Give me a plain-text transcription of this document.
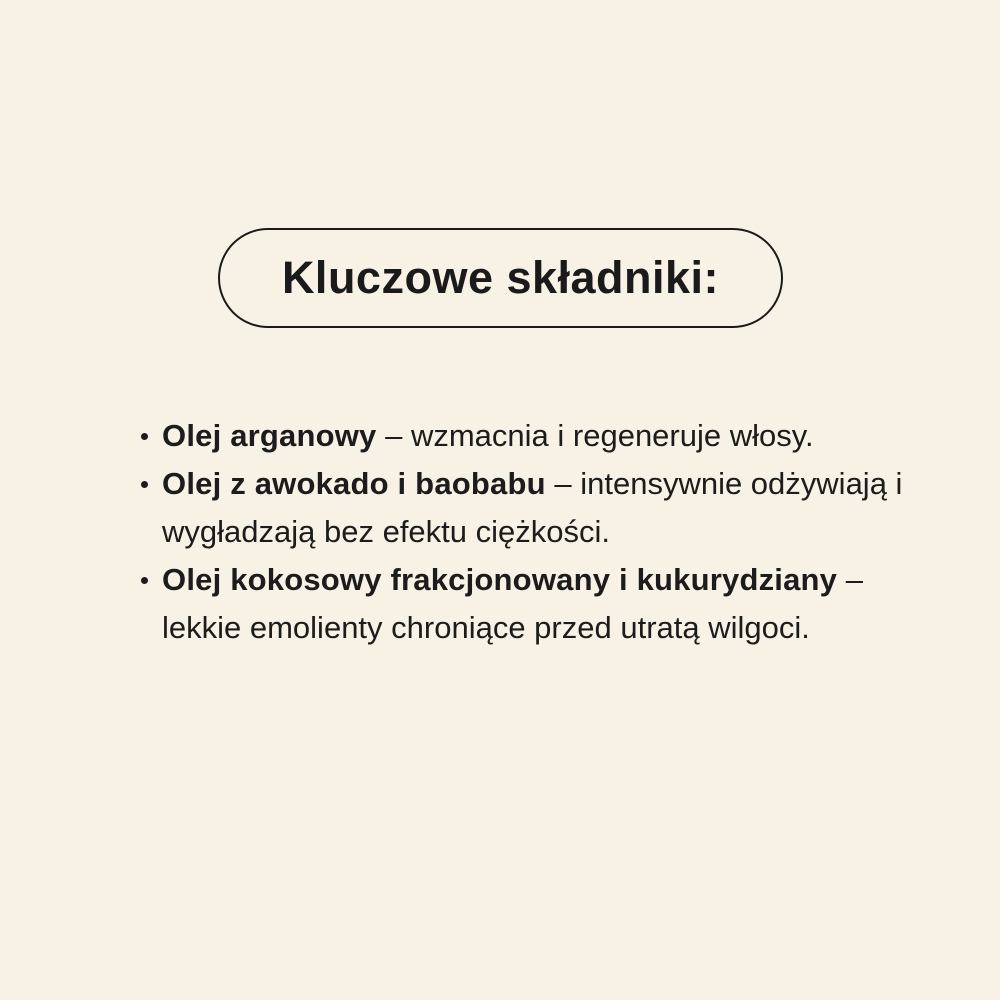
Kluczowe składniki:
Olej arganowy – wzmacnia i regeneruje włosy.
Olej z awokado i baobabu – intensywnie odżywiają i wygładzają bez efektu ciężkości.
Olej kokosowy frakcjonowany i kukurydziany – lekkie emolienty chroniące przed utratą wilgoci.
